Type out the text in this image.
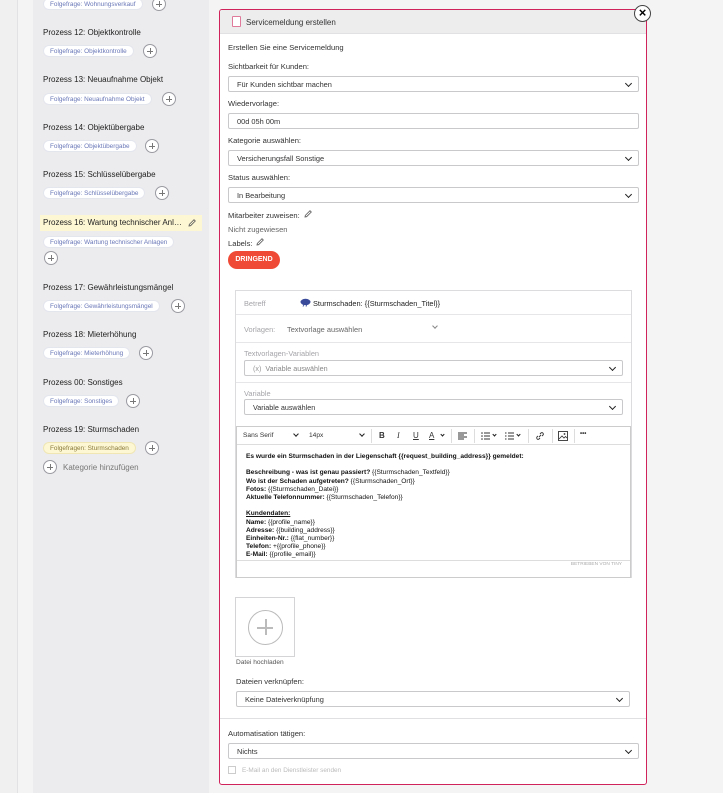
Folgefrage: Wohnungsverkauf
Prozess 12: Objektkontrolle
Folgefrage: Objektkontrolle
Prozess 13: Neuaufnahme Objekt
Folgefrage: Neuaufnahme Objekt
Prozess 14: Objektübergabe
Folgefrage: Objektübergabe
Prozess 15: Schlüsselübergabe
Folgefrage: Schlüsselübergabe
Prozess 16: Wartung technischer Anl…
Folgefrage: Wartung technischer Anlagen
Prozess 17: Gewährleistungsmängel
Folgefrage: Gewährleistungsmängel
Prozess 18: Mieterhöhung
Folgefrage: Mieterhöhung
Prozess 00: Sonstiges
Folgefrage: Sonstiges
Prozess 19: Sturmschaden
Folgefragen: Sturmschaden
Kategorie hinzufügen
Servicemeldung erstellen
Erstellen Sie eine Servicemeldung
Sichtbarkeit für Kunden:
Für Kunden sichtbar machen
Wiedervorlage:
00d 05h 00m
Kategorie auswählen:
Versicherungsfall Sonstige
Status auswählen:
In Bearbeitung
Mitarbeiter zuweisen:
Nicht zugewiesen
Labels:
DRINGEND
Betreff	Sturmschaden: {{Sturmschaden_Titel}}
Vorlagen: Textvorlage auswählen
Textvorlagen-Variablen
(x) Variable auswählen
Variable
Variable auswählen
Sans Serif	14px	B I U A	•••
Es wurde ein Sturmschaden in der Liegenschaft {{request_building_address}} gemeldet:
Beschreibung - was ist genau passiert? {{Sturmschaden_Textfeld}}
Wo ist der Schaden aufgetreten? {{Sturmschaden_Ort}}
Fotos: {{Sturmschaden_Datei}}
Aktuelle Telefonnummer: {{Sturmschaden_Telefon}}
Kundendaten:
Name: {{profile_name}}
Adresse: {{building_address}}
Einheiten-Nr.: {{flat_number}}
Telefon: +{{profile_phone}}
E-Mail: {{profile_email}}
BETRIEBEN VON TINY
Datei hochladen
Dateien verknüpfen:
Keine Dateiverknüpfung
Automatisation tätigen:
Nichts
E-Mail an den Dienstleister senden
×
